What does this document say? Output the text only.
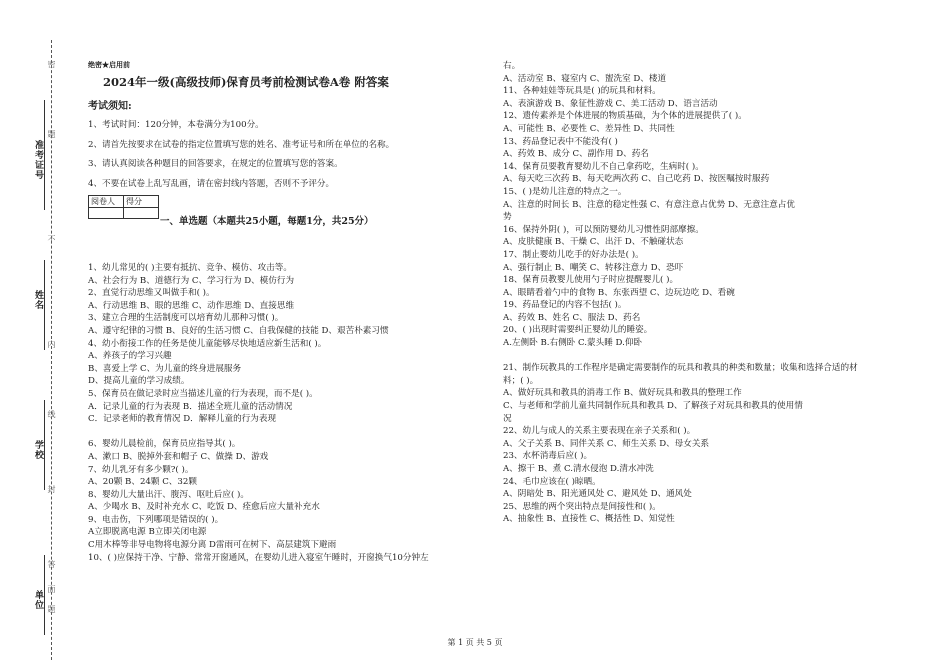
准考证号
姓名
学校
单位
密
题
不
内
线
封
答
面
题
绝密★启用前
2024年一级(高级技师)保育员考前检测试卷A卷 附答案
考试须知:
1、考试时间：120分钟，本卷满分为100分。
2、请首先按要求在试卷的指定位置填写您的姓名、准考证号和所在单位的名称。
3、请认真阅读各种题目的回答要求，在规定的位置填写您的答案。
4、不要在试卷上乱写乱画，请在密封线内答题，否则不予评分。
阅卷人	得分

一、单选题（本题共25小题，每题1分，共25分）
1、幼儿常见的( )主要有抵抗、竞争、模仿、攻击等。
A、社会行为 B、道德行为 C、学习行为 D、模仿行为
2、直觉行动思维又叫做手和( )。
A、行动思维 B、眼的思维 C、动作思维 D、直接思维
3、建立合理的生活制度可以培育幼儿那种习惯( )。
A、遵守纪律的习惯 B、良好的生活习惯 C、自我保健的技能 D、艰苦朴素习惯
4、幼小衔接工作的任务是使儿童能够尽快地适应新生活和( )。
A、养孩子的学习兴趣
B、喜爱上学 C、为儿童的终身进展服务
D、提高儿童的学习成绩。
5、保育员在做记录时应当描述儿童的行为表现，而不是( )。
A．记录儿童的行为表现 B．描述全班儿童的活动情况
C．记录老师的教育情况 D．解释儿童的行为表现
6、婴幼儿晨检前，保育员应指导其( )。
A、漱口 B、脱掉外套和帽子 C、做操 D、游戏
7、幼儿乳牙有多少颗?( )。
A、20颗 B、24颗 C、32颗
8、婴幼儿大量出汗、腹泻、呕吐后应( )。
A、少喝水 B、及时补充水 C、吃饭 D、痊愈后应大量补充水
9、电击伤，下列哪项是错误的( )。
A立即脱离电源 B立即关闭电源
C用木棒等非导电物将电源分离 D雷雨可在树下、高层建筑下避雨
10、( )应保持干净、宁静、常常开窗通风，在婴幼儿进入寝室午睡时，开窗换气10分钟左
右。
A、活动室 B、寝室内 C、盥洗室 D、楼道
11、各种娃娃等玩具是( )的玩具和材料。
A、表演游戏 B、象征性游戏 C、美工活动 D、语言活动
12、遗传素养是个体进展的物质基础，为个体的进展提供了( )。
A、可能性 B、必要性 C、差异性 D、共同性
13、药品登记表中不能没有( )
A、药效 B、成分 C、副作用 D、药名
14、保育员要教育婴幼儿不自己拿药吃，生病时( )。
A、每天吃三次药 B、每天吃两次药 C、自己吃药 D、按医嘱按时服药
15、( )是幼儿注意的特点之一。
A、注意的时间长 B、注意的稳定性强 C、有意注意占优势 D、无意注意占优
势
16、保持外阴( )，可以预防婴幼儿习惯性阴部摩擦。
A、皮肤健康 B、干燥 C、出汗 D、不触碰状态
17、制止婴幼儿吃手的好办法是( )。
A、强行制止 B、嘲笑 C、转移注意力 D、恐吓
18、保育员教婴儿使用勺子时应提醒婴儿( )。
A、眼睛看着勺中的食物 B、东张西望 C、边玩边吃 D、看碗
19、药品登记的内容不包括( )。
A、药效 B、姓名 C、服法 D、药名
20、( )出现时需要纠正婴幼儿的睡姿。
A.左侧卧 B.右侧卧 C.蒙头睡 D.仰卧
21、制作玩教具的工作程序是确定需要制作的玩具和教具的种类和数量；收集和选择合适的材
料；( )。
A、做好玩具和教具的消毒工作 B、做好玩具和教具的整理工作
C、与老师和学前儿童共同制作玩具和教具 D、了解孩子对玩具和教具的使用情
况
22、幼儿与成人的关系主要表现在亲子关系和( )。
A、父子关系 B、同伴关系 C、师生关系 D、母女关系
23、水杯消毒后应( )。
A、擦干 B、煮 C.清水侵泡 D.清水冲洗
24、毛巾应该在( )晾晒。
A、阴暗处 B、阳光通风处 C、避风处 D、通风处
25、思维的两个突出特点是间接性和( )。
A、抽象性 B、直接性 C、概括性 D、知觉性
第 1 页 共 5 页
